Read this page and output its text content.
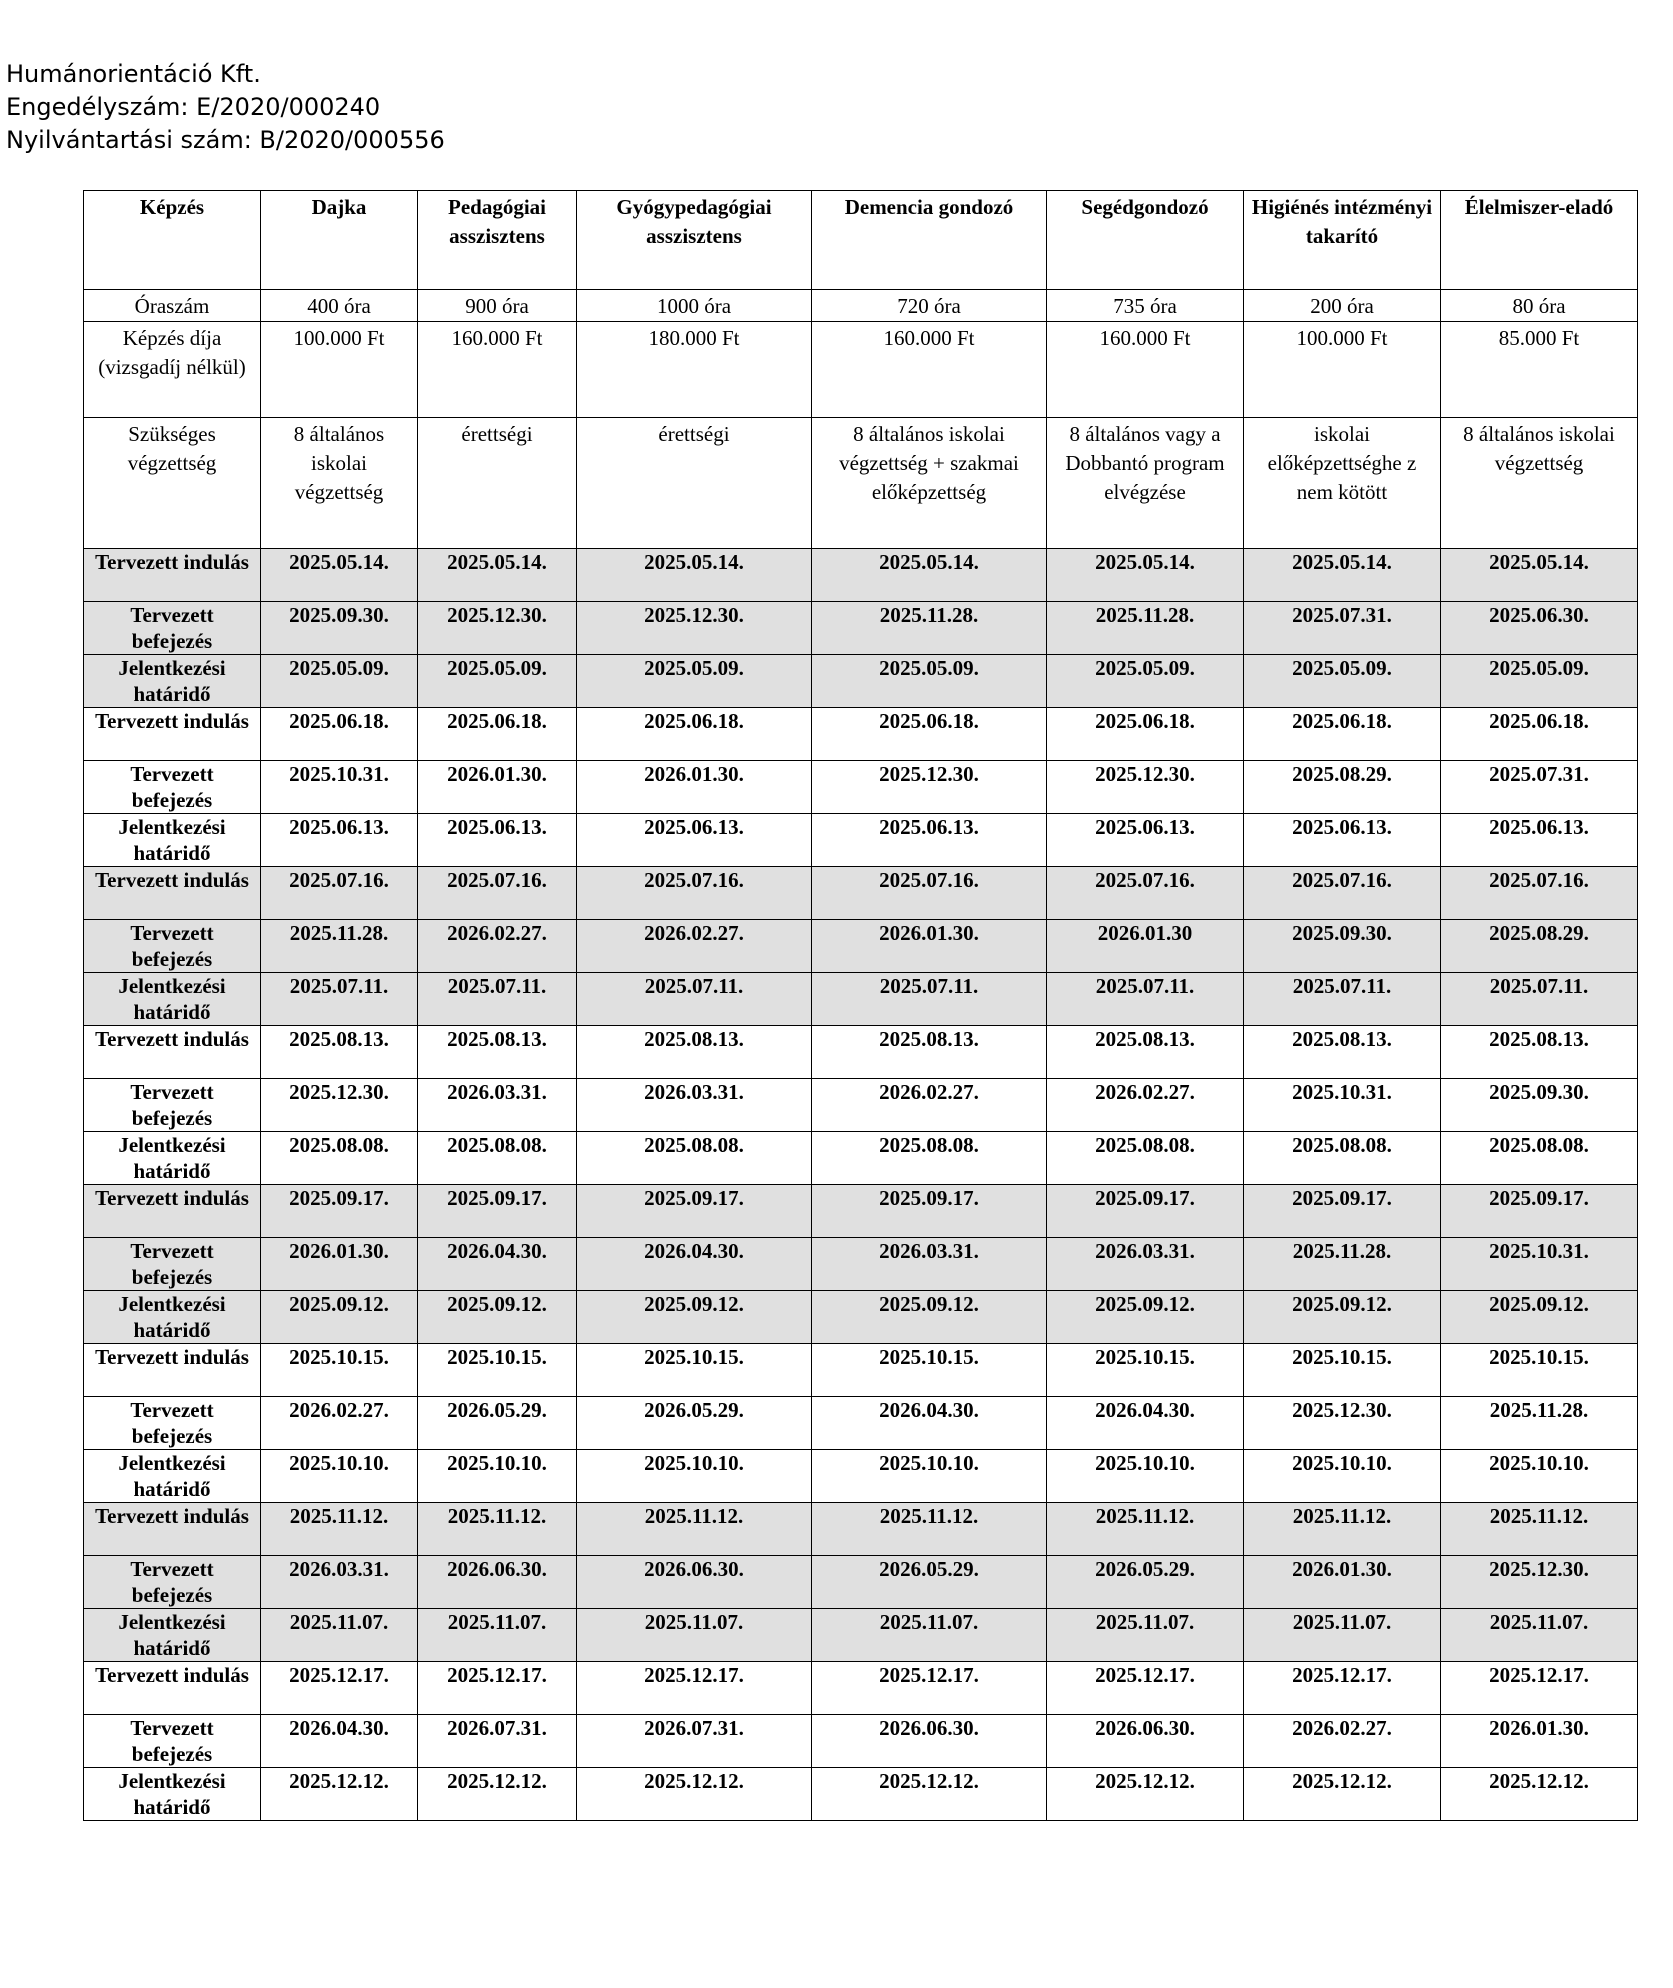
Humánorientáció Kft.
Engedélyszám: E/2020/000240
Nyilvántartási szám: B/2020/000556
Képzés	Dajka	Pedagógiai asszisztens	Gyógypedagógiai asszisztens	Demencia gondozó	Segédgondozó	Higiénés intézményi takarító	Élelmiszer-eladó
Óraszám	400 óra	900 óra	1000 óra	720 óra	735 óra	200 óra	80 óra
Képzés díja (vizsgadíj nélkül)	100.000 Ft	160.000 Ft	180.000 Ft	160.000 Ft	160.000 Ft	100.000 Ft	85.000 Ft
Szükséges végzettség	8 általános iskolai végzettség	érettségi	érettségi	8 általános iskolai végzettség + szakmai előképzettség	8 általános vagy a Dobbantó program elvégzése	iskolai előképzettséghe z nem kötött	8 általános iskolai végzettség
Tervezett indulás	2025.05.14.	2025.05.14.	2025.05.14.	2025.05.14.	2025.05.14.	2025.05.14.	2025.05.14.
Tervezett befejezés	2025.09.30.	2025.12.30.	2025.12.30.	2025.11.28.	2025.11.28.	2025.07.31.	2025.06.30.
Jelentkezési határidő	2025.05.09.	2025.05.09.	2025.05.09.	2025.05.09.	2025.05.09.	2025.05.09.	2025.05.09.
Tervezett indulás	2025.06.18.	2025.06.18.	2025.06.18.	2025.06.18.	2025.06.18.	2025.06.18.	2025.06.18.
Tervezett befejezés	2025.10.31.	2026.01.30.	2026.01.30.	2025.12.30.	2025.12.30.	2025.08.29.	2025.07.31.
Jelentkezési határidő	2025.06.13.	2025.06.13.	2025.06.13.	2025.06.13.	2025.06.13.	2025.06.13.	2025.06.13.
Tervezett indulás	2025.07.16.	2025.07.16.	2025.07.16.	2025.07.16.	2025.07.16.	2025.07.16.	2025.07.16.
Tervezett befejezés	2025.11.28.	2026.02.27.	2026.02.27.	2026.01.30.	2026.01.30	2025.09.30.	2025.08.29.
Jelentkezési határidő	2025.07.11.	2025.07.11.	2025.07.11.	2025.07.11.	2025.07.11.	2025.07.11.	2025.07.11.
Tervezett indulás	2025.08.13.	2025.08.13.	2025.08.13.	2025.08.13.	2025.08.13.	2025.08.13.	2025.08.13.
Tervezett befejezés	2025.12.30.	2026.03.31.	2026.03.31.	2026.02.27.	2026.02.27.	2025.10.31.	2025.09.30.
Jelentkezési határidő	2025.08.08.	2025.08.08.	2025.08.08.	2025.08.08.	2025.08.08.	2025.08.08.	2025.08.08.
Tervezett indulás	2025.09.17.	2025.09.17.	2025.09.17.	2025.09.17.	2025.09.17.	2025.09.17.	2025.09.17.
Tervezett befejezés	2026.01.30.	2026.04.30.	2026.04.30.	2026.03.31.	2026.03.31.	2025.11.28.	2025.10.31.
Jelentkezési határidő	2025.09.12.	2025.09.12.	2025.09.12.	2025.09.12.	2025.09.12.	2025.09.12.	2025.09.12.
Tervezett indulás	2025.10.15.	2025.10.15.	2025.10.15.	2025.10.15.	2025.10.15.	2025.10.15.	2025.10.15.
Tervezett befejezés	2026.02.27.	2026.05.29.	2026.05.29.	2026.04.30.	2026.04.30.	2025.12.30.	2025.11.28.
Jelentkezési határidő	2025.10.10.	2025.10.10.	2025.10.10.	2025.10.10.	2025.10.10.	2025.10.10.	2025.10.10.
Tervezett indulás	2025.11.12.	2025.11.12.	2025.11.12.	2025.11.12.	2025.11.12.	2025.11.12.	2025.11.12.
Tervezett befejezés	2026.03.31.	2026.06.30.	2026.06.30.	2026.05.29.	2026.05.29.	2026.01.30.	2025.12.30.
Jelentkezési határidő	2025.11.07.	2025.11.07.	2025.11.07.	2025.11.07.	2025.11.07.	2025.11.07.	2025.11.07.
Tervezett indulás	2025.12.17.	2025.12.17.	2025.12.17.	2025.12.17.	2025.12.17.	2025.12.17.	2025.12.17.
Tervezett befejezés	2026.04.30.	2026.07.31.	2026.07.31.	2026.06.30.	2026.06.30.	2026.02.27.	2026.01.30.
Jelentkezési határidő	2025.12.12.	2025.12.12.	2025.12.12.	2025.12.12.	2025.12.12.	2025.12.12.	2025.12.12.
